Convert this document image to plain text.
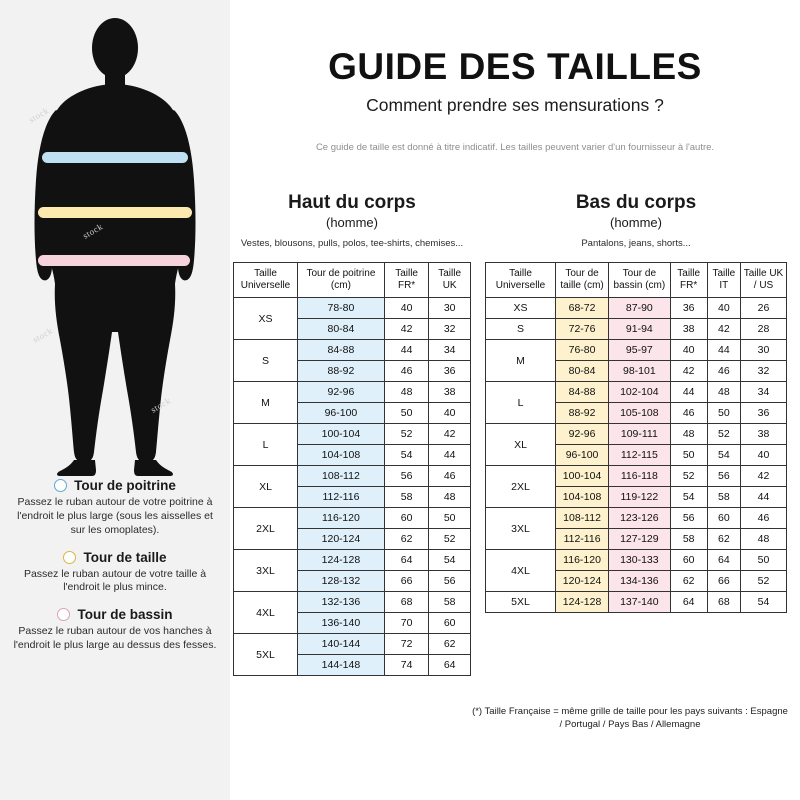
stock
stock
stock
stock
Tour de poitrine
Passez le ruban autour de votre poitrine à l'endroit le plus large (sous les aisselles et sur les omoplates).
Tour de taille
Passez le ruban autour de votre taille à l'endroit le plus mince.
Tour de bassin
Passez le ruban autour de vos hanches à l'endroit le plus large au dessus des fesses.
GUIDE DES TAILLES
Comment prendre ses mensurations ?
Ce guide de taille est donné à titre indicatif. Les tailles peuvent varier d'un fournisseur à l'autre.
Haut du corps
(homme)
Vestes, blousons, pulls, polos, tee-shirts, chemises...
Taille Universelle	Tour de poitrine (cm)	Taille FR*	Taille UK
XS	78-80	40	30
	80-84	42	32
S	84-88	44	34
	88-92	46	36
M	92-96	48	38
	96-100	50	40
L	100-104	52	42
	104-108	54	44
XL	108-112	56	46
	112-116	58	48
2XL	116-120	60	50
	120-124	62	52
3XL	124-128	64	54
	128-132	66	56
4XL	132-136	68	58
	136-140	70	60
5XL	140-144	72	62
	144-148	74	64
Bas du corps
(homme)
Pantalons, jeans, shorts...
Taille Universelle	Tour de taille (cm)	Tour de bassin (cm)	Taille FR*	Taille IT	Taille UK / US
XS	68-72	87-90	36	40	26
S	72-76	91-94	38	42	28
M	76-80	95-97	40	44	30
	80-84	98-101	42	46	32
L	84-88	102-104	44	48	34
	88-92	105-108	46	50	36
XL	92-96	109-111	48	52	38
	96-100	112-115	50	54	40
2XL	100-104	116-118	52	56	42
	104-108	119-122	54	58	44
3XL	108-112	123-126	56	60	46
	112-116	127-129	58	62	48
4XL	116-120	130-133	60	64	50
	120-124	134-136	62	66	52
5XL	124-128	137-140	64	68	54
(*) Taille Française = même grille de taille pour les pays suivants : Espagne / Portugal / Pays Bas / Allemagne
